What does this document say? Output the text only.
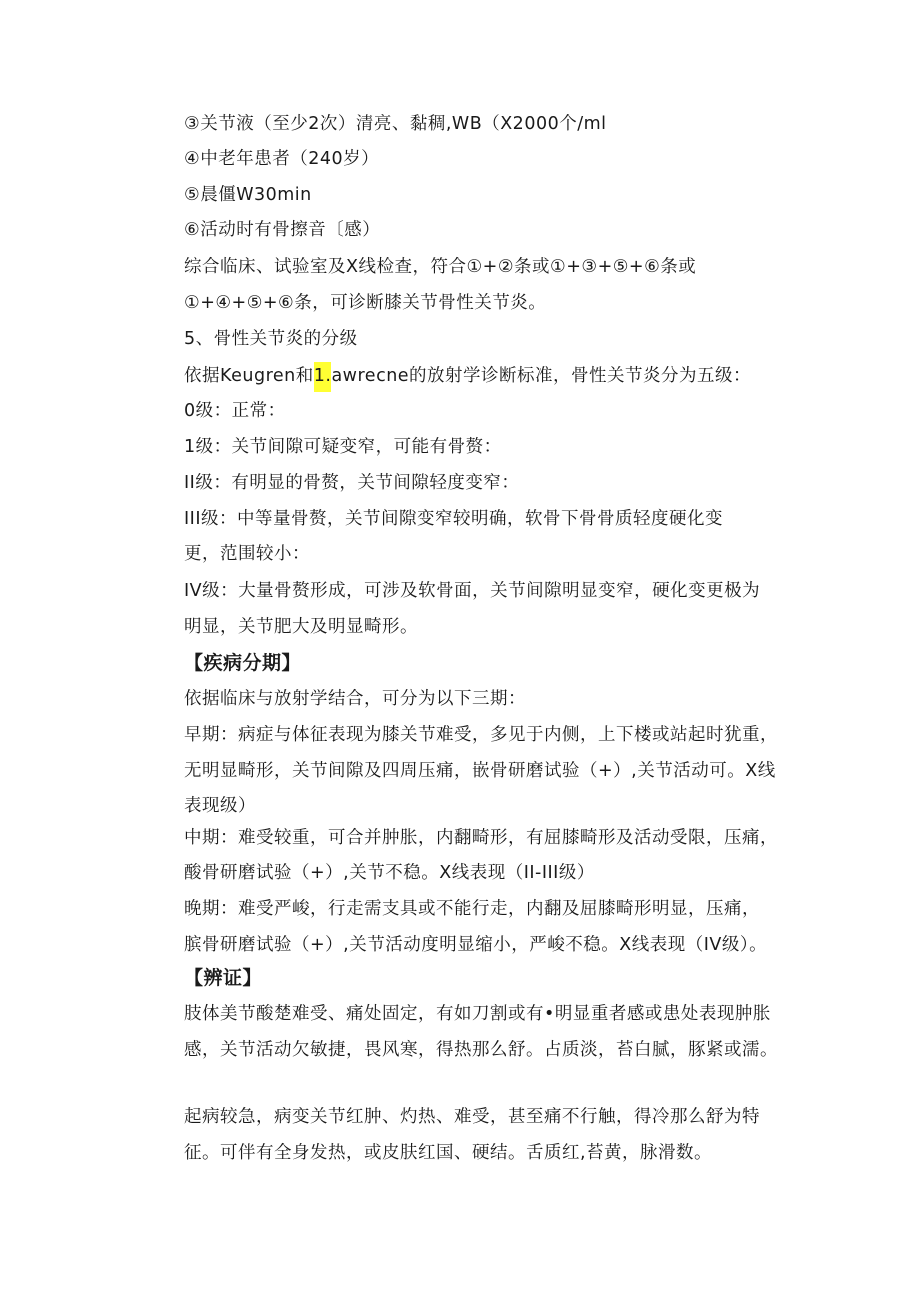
③关节液（至少2次）清亮、黏稠,WB（X2000个/ml
④中老年患者（240岁）
⑤晨僵W30min
⑥活动时有骨擦音〔感）
综合临床、试验室及X线检查，符合①+②条或①+③+⑤+⑥条或
①+④+⑤+⑥条，可诊断膝关节骨性关节炎。
5、骨性关节炎的分级
依据Keugren和1.awrecne的放射学诊断标准，骨性关节炎分为五级：
0级：正常：
1级：关节间隙可疑变窄，可能有骨赘：
II级：有明显的骨赘，关节间隙轻度变窄：
III级：中等量骨赘，关节间隙变窄较明确，软骨下骨骨质轻度硬化变
更，范围较小：
IV级：大量骨赘形成，可涉及软骨面，关节间隙明显变窄，硬化变更极为
明显，关节肥大及明显畸形。
【疾病分期】
依据临床与放射学结合，可分为以下三期：
早期：病症与体征表现为膝关节难受，多见于内侧，上下楼或站起时犹重，
无明显畸形，关节间隙及四周压痛，嵌骨研磨试验（+）,关节活动可。X线
表现级）
中期：难受较重，可合并肿胀，内翻畸形，有屈膝畸形及活动受限，压痛，
酸骨研磨试验（+）,关节不稳。X线表现（II-III级）
晚期：难受严峻，行走需支具或不能行走，内翻及屈膝畸形明显，压痛，
膑骨研磨试验（+）,关节活动度明显缩小，严峻不稳。X线表现（IV级）。
【辨证】
肢体美节酸楚难受、痛处固定，有如刀割或有•明显重者感或患处表现肿胀
感，关节活动欠敏捷，畏风寒，得热那么舒。占质淡，苔白腻，豚紧或濡。
起病较急，病变关节红肿、灼热、难受，甚至痛不行触，得冷那么舒为特
征。可伴有全身发热，或皮肤红国、硬结。舌质红,苔黄，脉滑数。
